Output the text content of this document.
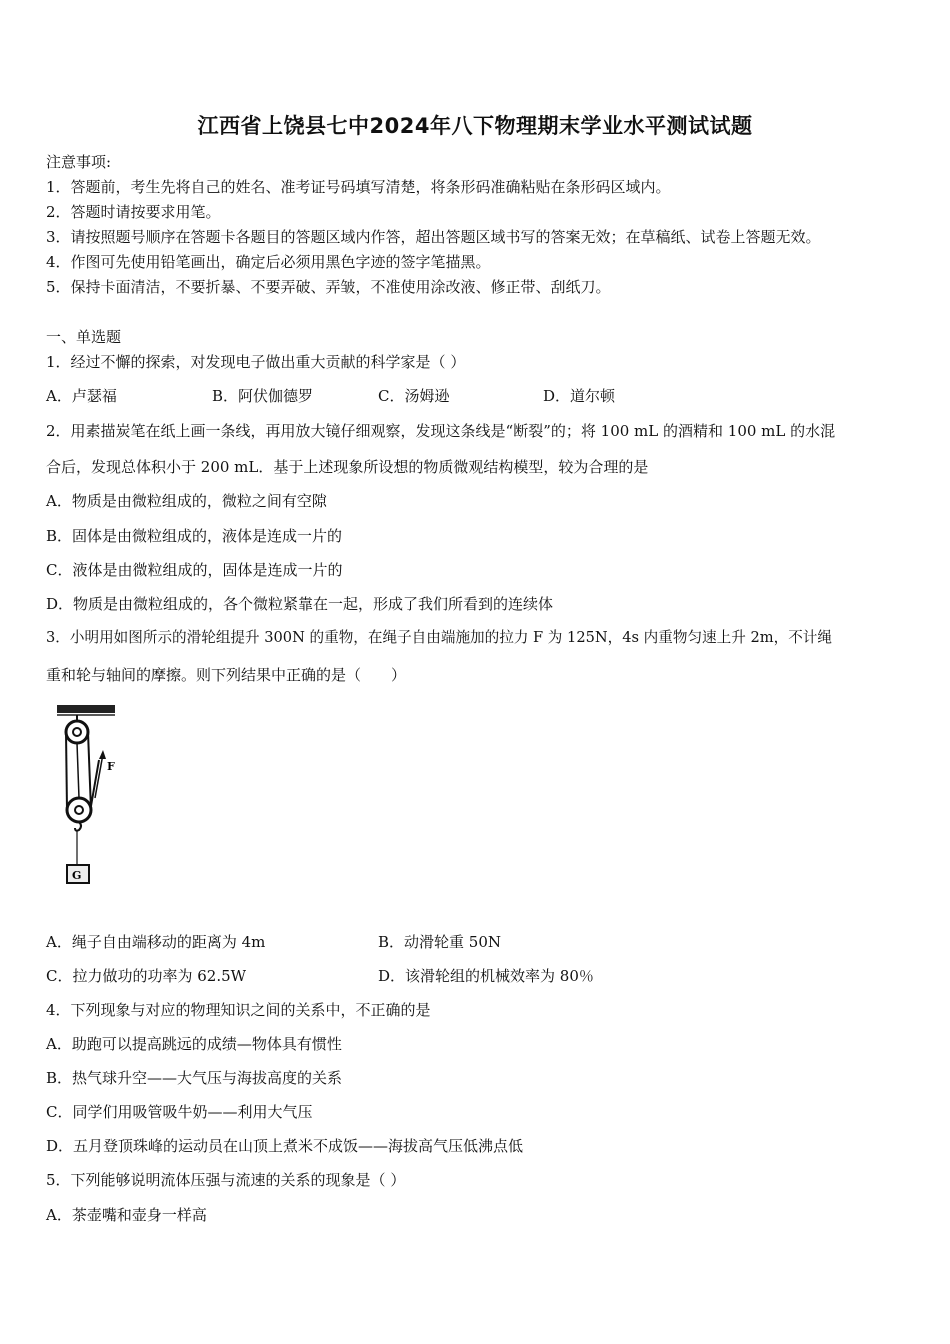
江西省上饶县七中2024年八下物理期末学业水平测试试题
注意事项:
1．答题前，考生先将自己的姓名、准考证号码填写清楚，将条形码准确粘贴在条形码区域内。
2．答题时请按要求用笔。
3．请按照题号顺序在答题卡各题目的答题区域内作答，超出答题区域书写的答案无效；在草稿纸、试卷上答题无效。
4．作图可先使用铅笔画出，确定后必须用黑色字迹的签字笔描黑。
5．保持卡面清洁，不要折暴、不要弄破、弄皱，不准使用涂改液、修正带、刮纸刀。
一、单选题
1．经过不懈的探索，对发现电子做出重大贡献的科学家是（ ）
A．卢瑟福	B．阿伏伽德罗	C．汤姆逊	D．道尔顿
2．用素描炭笔在纸上画一条线，再用放大镜仔细观察，发现这条线是“断裂”的；将 100 mL 的酒精和 100 mL 的水混
合后，发现总体积小于 200 mL．基于上述现象所设想的物质微观结构模型，较为合理的是
A．物质是由微粒组成的，微粒之间有空隙
B．固体是由微粒组成的，液体是连成一片的
C．液体是由微粒组成的，固体是连成一片的
D．物质是由微粒组成的，各个微粒紧靠在一起，形成了我们所看到的连续体
3．小明用如图所示的滑轮组提升 300N 的重物，在绳子自由端施加的拉力 F 为 125N，4s 内重物匀速上升 2m，不计绳
重和轮与轴间的摩擦。则下列结果中正确的是（　　）
F
G
A．绳子自由端移动的距离为 4m	B．动滑轮重 50N
C．拉力做功的功率为 62.5W	D．该滑轮组的机械效率为 80％
4．下列现象与对应的物理知识之间的关系中，不正确的是
A．助跑可以提高跳远的成绩—物体具有惯性
B．热气球升空——大气压与海拔高度的关系
C．同学们用吸管吸牛奶——利用大气压
D．五月登顶珠峰的运动员在山顶上煮米不成饭——海拔高气压低沸点低
5．下列能够说明流体压强与流速的关系的现象是（ ）
A．茶壶嘴和壶身一样高
